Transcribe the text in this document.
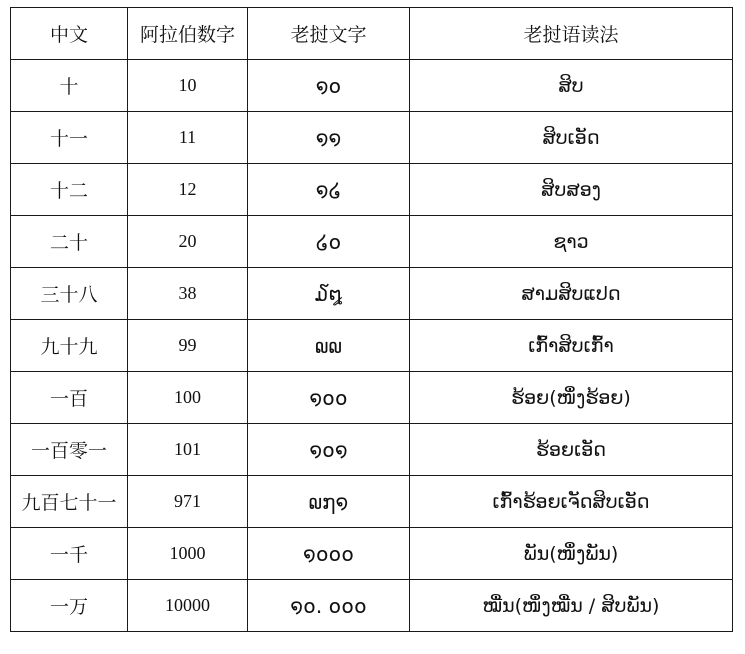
中文	阿拉伯数字	老挝文字	老挝语读法
十	10	໑໐	ສິບ
十一	11	໑໑	ສິບເອັດ
十二	12	໑໒	ສິບສອງ
二十	20	໒໐	ຊາວ
三十八	38	໓໘	ສາມສິບແປດ
九十九	99	໙໙	ເກົ້າສິບເກົ້າ
一百	100	໑໐໐	ຮ້ອຍ(ໜຶ່ງຮ້ອຍ)
一百零一	101	໑໐໑	ຮ້ອຍເອັດ
九百七十一	971	໙໗໑	ເກົ້າຮ້ອຍເຈັດສິບເອັດ
一千	1000	໑໐໐໐	ພັນ(ໜຶ່ງພັນ)
一万	10000	໑໐. ໐໐໐	ໝື່ນ(ໜຶ່ງໝື່ນ / ສິບພັນ)
